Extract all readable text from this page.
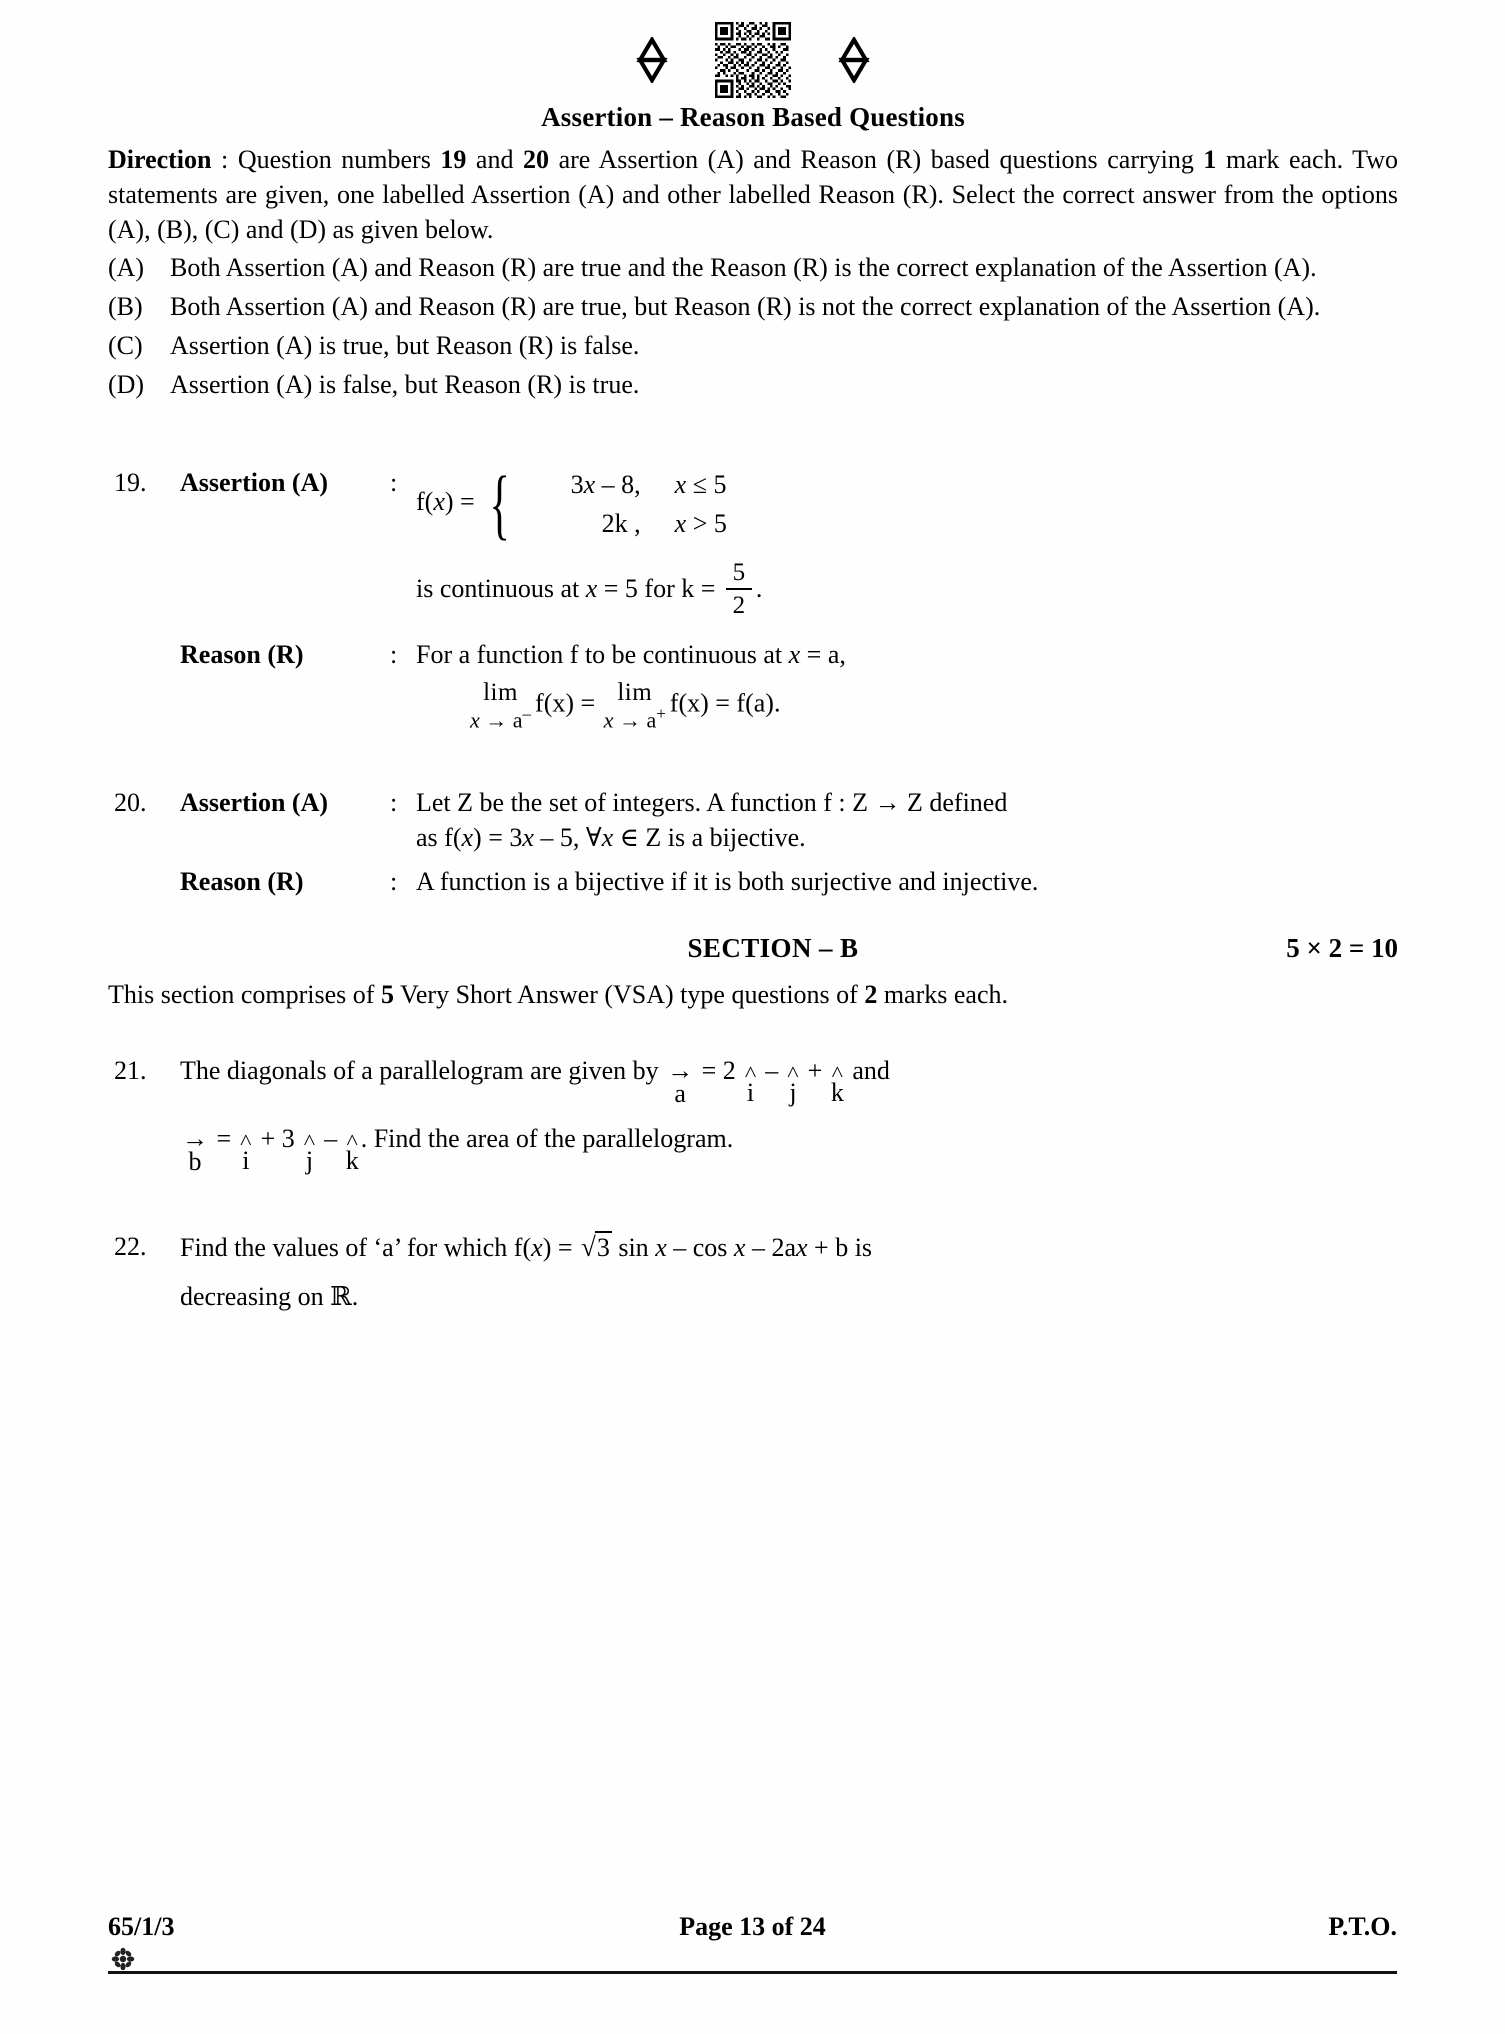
Assertion – Reason Based Questions

Direction : Question numbers 19 and 20 are Assertion (A) and Reason (R) based questions carrying 1 mark each. Two statements are given, one labelled Assertion (A) and other labelled Reason (R). Select the correct answer from the options (A), (B), (C) and (D) as given below.

(A) Both Assertion (A) and Reason (R) are true and the Reason (R) is the correct explanation of the Assertion (A).
(B)	Both Assertion (A) and Reason (R) are true, but Reason (R) is not the correct explanation of the Assertion (A).
(C)	Assertion (A) is true, but Reason (R) is false.
(D) Assertion (A) is false, but Reason (R) is true.
19.	Assertion (A)	:
f(x) = {	3x – 8,	x ≤ 5
2k ,	x > 5
is continuous at x = 5 for $k = \frac{5}{2}$ .
Reason (R)	: For a function f to be continuous at x = a,
lim
x → a– f(x) = lim
x → a+ f(x) = f(a).
20.	Assertion (A)	: Let Z be the set of integers. A function f : Z → Z defined
as f(x) = 3x – 5, ∀x ∈ Z is a bijective.
Reason (R)	: A function is a bijective if it is both surjective and injective.
SECTION – B	5 × 2 = 10

This section comprises of 5 Very Short Answer (VSA) type questions of 2 marks each.

21.	The diagonals of a parallelogram are given by →
a
= 2 ˄
i
– ˄
j
+ ˄
k
and
→
b
= ˄
i
+ 3 ˄
j
– ˄
k
. Find the area of the parallelogram.
22.	Find the values of ‘a’ for which f(x) = √3 sin x – cos x – 2ax + b is
decreasing on ℝ.
65/1/3	Page 13 of 24	P.T.O.
